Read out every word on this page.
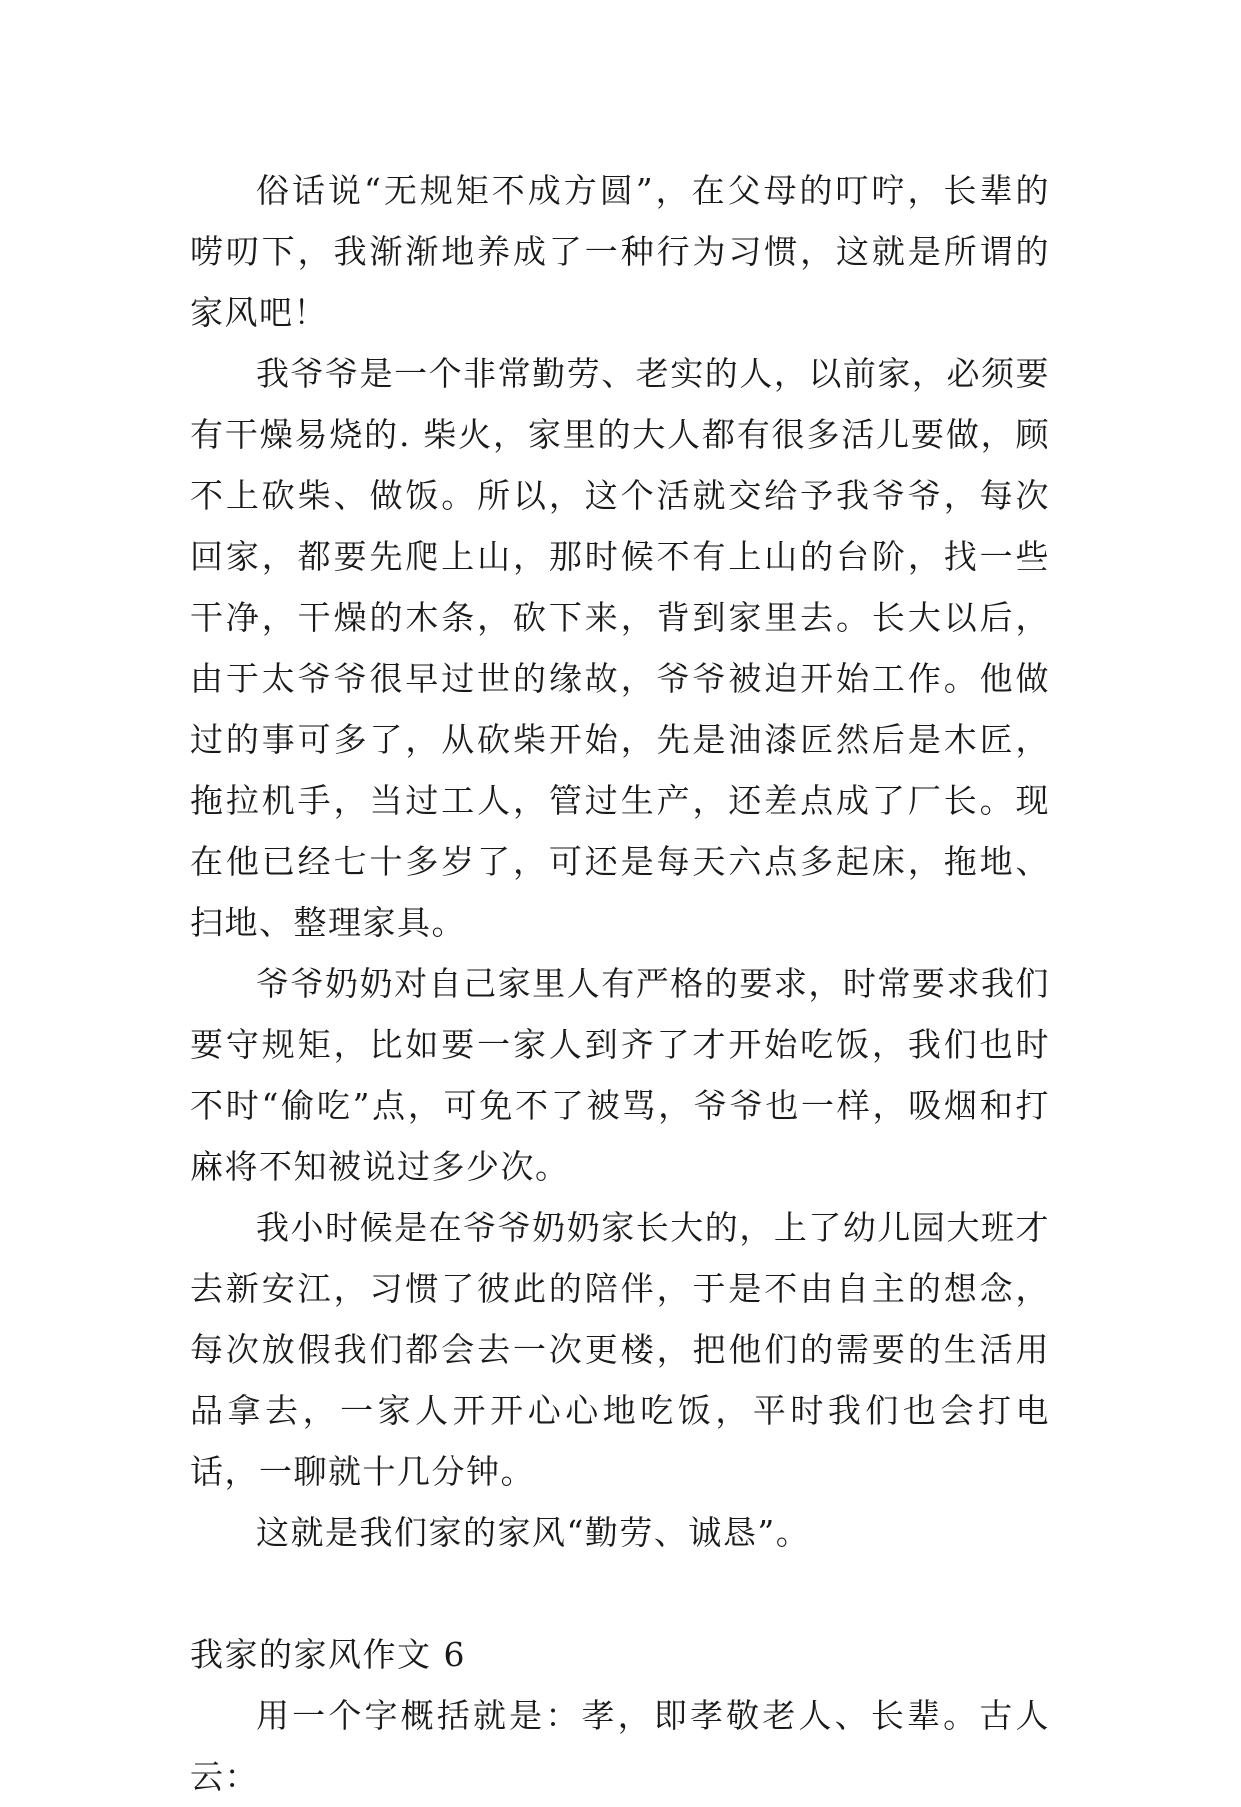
俗话说“无规矩不成方圆”，在父母的叮咛，长辈的唠叨下，我渐渐地养成了一种行为习惯，这就是所谓的家风吧！

我爷爷是一个非常勤劳、老实的人，以前家，必须要有干燥易烧的. 柴火，家里的大人都有很多活儿要做，顾不上砍柴、做饭。所以，这个活就交给予我爷爷，每次回家，都要先爬上山，那时候不有上山的台阶，找一些干净，干燥的木条，砍下来，背到家里去。长大以后，由于太爷爷很早过世的缘故，爷爷被迫开始工作。他做过的事可多了，从砍柴开始，先是油漆匠然后是木匠，拖拉机手，当过工人，管过生产，还差点成了厂长。现在他已经七十多岁了，可还是每天六点多起床，拖地、扫地、整理家具。

爷爷奶奶对自己家里人有严格的要求，时常要求我们要守规矩，比如要一家人到齐了才开始吃饭，我们也时不时“偷吃”点，可免不了被骂，爷爷也一样，吸烟和打麻将不知被说过多少次。

我小时候是在爷爷奶奶家长大的，上了幼儿园大班才去新安江，习惯了彼此的陪伴，于是不由自主的想念，每次放假我们都会去一次更楼，把他们的需要的生活用品拿去，一家人开开心心地吃饭，平时我们也会打电话，一聊就十几分钟。

这就是我们家的家风“勤劳、诚恳”。

我家的家风作文 6

用一个字概括就是：孝，即孝敬老人、长辈。古人云：
